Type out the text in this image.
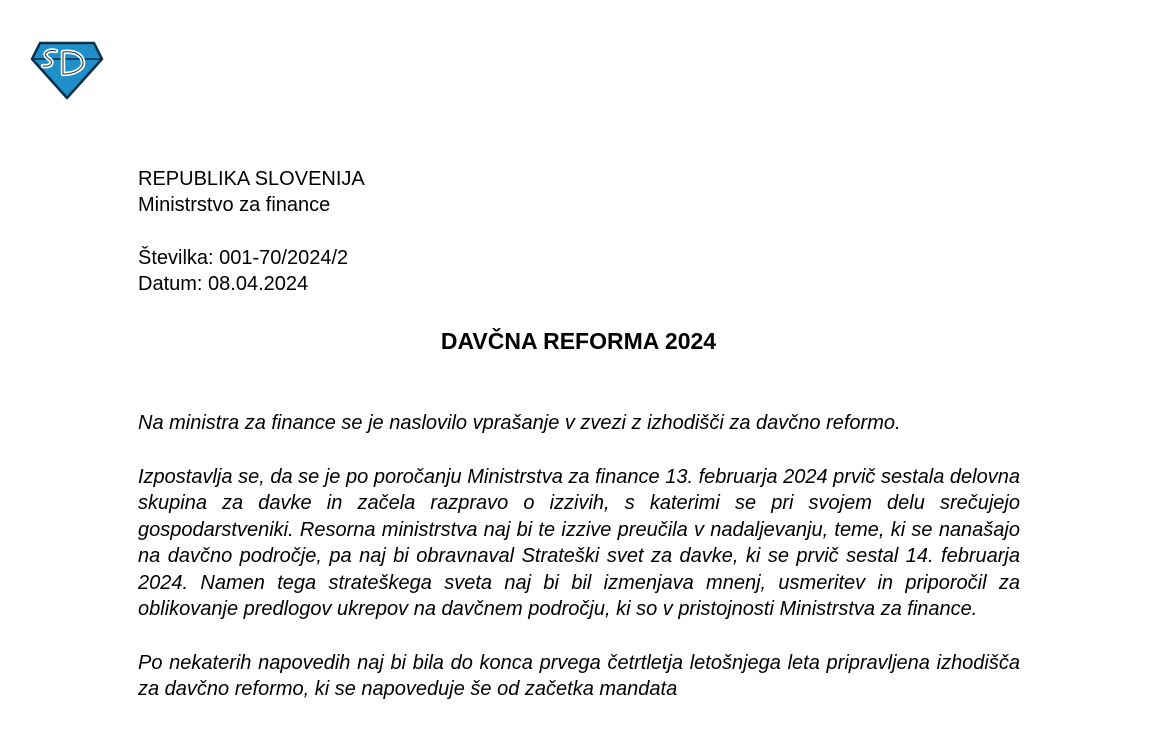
REPUBLIKA SLOVENIJA
Ministrstvo za finance
Številka: 001-70/2024/2
Datum: 08.04.2024
DAVČNA REFORMA 2024

Na ministra za finance se je naslovilo vprašanje v zvezi z izhodišči za davčno reformo.

Izpostavlja se, da se je po poročanju Ministrstva za finance 13. februarja 2024 prvič sestala delovna skupina za davke in začela razpravo o izzivih, s katerimi se pri svojem delu srečujejo gospodarstveniki. Resorna ministrstva naj bi te izzive preučila v nadaljevanju, teme, ki se nanašajo na davčno področje, pa naj bi obravnaval Strateški svet za davke, ki se prvič sestal 14. februarja 2024. Namen tega strateškega sveta naj bi bil izmenjava mnenj, usmeritev in priporočil za oblikovanje predlogov ukrepov na davčnem področju, ki so v pristojnosti Ministrstva za finance.

Po nekaterih napovedih naj bi bila do konca prvega četrtletja letošnjega leta pripravljena izhodišča za davčno reformo, ki se napoveduje še od začetka mandata
